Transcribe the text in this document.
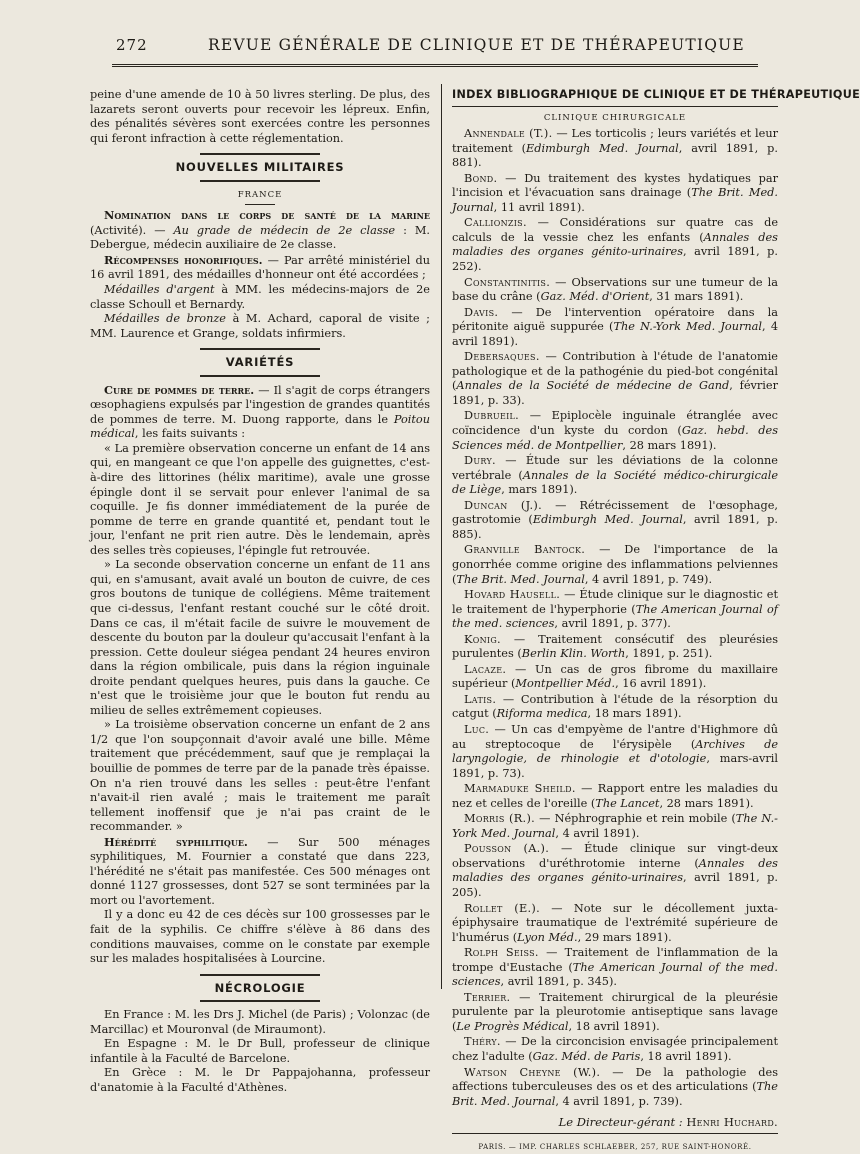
272	REVUE GÉNÉRALE DE CLINIQUE ET DE THÉRAPEUTIQUE

peine d'une amende de 10 à 50 livres sterling. De plus, des lazarets seront ouverts pour recevoir les lépreux. Enfin, des pénalités sévères sont exercées contre les personnes qui feront infraction à cette réglementation.

NOUVELLES MILITAIRES
FRANCE

Nomination dans le corps de santé de la marine (Activité). — Au grade de médecin de 2e classe : M. Debergue, médecin auxiliaire de 2e classe.

Récompenses honorifiques. — Par arrêté ministériel du 16 avril 1891, des médailles d'honneur ont été accordées ;

Médailles d'argent à MM. les médecins-majors de 2e classe Schoull et Bernardy.

Médailles de bronze à M. Achard, caporal de visite ; MM. Laurence et Grange, soldats infirmiers.

VARIÉTÉS

Cure de pommes de terre. — Il s'agit de corps étrangers œsophagiens expulsés par l'ingestion de grandes quantités de pommes de terre. M. Duong rapporte, dans le Poitou médical, les faits suivants :

« La première observation concerne un enfant de 14 ans qui, en mangeant ce que l'on appelle des guignettes, c'est-à-dire des littorines (hélix maritime), avale une grosse épingle dont il se servait pour enlever l'animal de sa coquille. Je fis donner immédiatement de la purée de pomme de terre en grande quantité et, pendant tout le jour, l'enfant ne prit rien autre. Dès le lendemain, après des selles très copieuses, l'épingle fut retrouvée.

» La seconde observation concerne un enfant de 11 ans qui, en s'amusant, avait avalé un bouton de cuivre, de ces gros boutons de tunique de collégiens. Même traitement que ci-dessus, l'enfant restant couché sur le côté droit. Dans ce cas, il m'était facile de suivre le mouvement de descente du bouton par la douleur qu'accusait l'enfant à la pression. Cette douleur siégea pendant 24 heures environ dans la région ombilicale, puis dans la région inguinale droite pendant quelques heures, puis dans la gauche. Ce n'est que le troisième jour que le bouton fut rendu au milieu de selles extrêmement copieuses.

» La troisième observation concerne un enfant de 2 ans 1/2 que l'on soupçonnait d'avoir avalé une bille. Même traitement que précédemment, sauf que je remplaçai la bouillie de pommes de terre par de la panade très épaisse. On n'a rien trouvé dans les selles : peut-être l'enfant n'avait-il rien avalé ; mais le traitement me paraît tellement inoffensif que je n'ai pas craint de le recommander. »

Hérédité syphilitique. — Sur 500 ménages syphilitiques, M. Fournier a constaté que dans 223, l'hérédité ne s'était pas manifestée. Ces 500 ménages ont donné 1127 grossesses, dont 527 se sont terminées par la mort ou l'avortement.

Il y a donc eu 42 de ces décès sur 100 grossesses par le fait de la syphilis. Ce chiffre s'élève à 86 dans des conditions mauvaises, comme on le constate par exemple sur les malades hospitalisées à Lourcine.

NÉCROLOGIE

En France : M. les Drs J. Michel (de Paris) ; Volonzac (de Marcillac) et Mouronval (de Miraumont).

En Espagne : M. le Dr Bull, professeur de clinique infantile à la Faculté de Barcelone.

En Grèce : M. le Dr Pappajohanna, professeur d'anatomie à la Faculté d'Athènes.

INDEX BIBLIOGRAPHIQUE DE CLINIQUE ET DE THÉRAPEUTIQUE
CLINIQUE CHIRURGICALE

Annendale (T.). — Les torticolis ; leurs variétés et leur traitement (Edimburgh Med. Journal, avril 1891, p. 881).

Bond. — Du traitement des kystes hydatiques par l'incision et l'évacuation sans drainage (The Brit. Med. Journal, 11 avril 1891).

Callionzis. — Considérations sur quatre cas de calculs de la vessie chez les enfants (Annales des maladies des organes génito-urinaires, avril 1891, p. 252).

Constantinitis. — Observations sur une tumeur de la base du crâne (Gaz. Méd. d'Orient, 31 mars 1891).

Davis. — De l'intervention opératoire dans la péritonite aiguë suppurée (The N.-York Med. Journal, 4 avril 1891).

Debersaques. — Contribution à l'étude de l'anatomie pathologique et de la pathogénie du pied-bot congénital (Annales de la Société de médecine de Gand, février 1891, p. 33).

Dubrueil. — Epiplocèle inguinale étranglée avec coïncidence d'un kyste du cordon (Gaz. hebd. des Sciences méd. de Montpellier, 28 mars 1891).

Dury. — Étude sur les déviations de la colonne vertébrale (Annales de la Société médico-chirurgicale de Liège, mars 1891).

Duncan (J.). — Rétrécissement de l'œsophage, gastrotomie (Edimburgh Med. Journal, avril 1891, p. 885).

Granville Bantock. — De l'importance de la gonorrhée comme origine des inflammations pelviennes (The Brit. Med. Journal, 4 avril 1891, p. 749).

Hovard Hausell. — Étude clinique sur le diagnostic et le traitement de l'hyperphorie (The American Journal of the med. sciences, avril 1891, p. 377).

Konig. — Traitement consécutif des pleurésies purulentes (Berlin Klin. Worth, 1891, p. 251).

Lacaze. — Un cas de gros fibrome du maxillaire supérieur (Montpellier Méd., 16 avril 1891).

Latis. — Contribution à l'étude de la résorption du catgut (Riforma medica, 18 mars 1891).

Luc. — Un cas d'empyème de l'antre d'Highmore dû au streptocoque de l'érysipèle (Archives de laryngologie, de rhinologie et d'otologie, mars-avril 1891, p. 73).

Marmaduke Sheild. — Rapport entre les maladies du nez et celles de l'oreille (The Lancet, 28 mars 1891).

Morris (R.). — Néphrographie et rein mobile (The N.-York Med. Journal, 4 avril 1891).

Pousson (A.). — Étude clinique sur vingt-deux observations d'uréthrotomie interne (Annales des maladies des organes génito-urinaires, avril 1891, p. 205).

Rollet (E.). — Note sur le décollement juxta-épiphysaire traumatique de l'extrémité supérieure de l'humérus (Lyon Méd., 29 mars 1891).

Rolph Seiss. — Traitement de l'inflammation de la trompe d'Eustache (The American Journal of the med. sciences, avril 1891, p. 345).

Terrier. — Traitement chirurgical de la pleurésie purulente par la pleurotomie antiseptique sans lavage (Le Progrès Médical, 18 avril 1891).

Théry. — De la circoncision envisagée principalement chez l'adulte (Gaz. Méd. de Paris, 18 avril 1891).

Watson Cheyne (W.). — De la pathologie des affections tuberculeuses des os et des articulations (The Brit. Med. Journal, 4 avril 1891, p. 739).

Le Directeur-gérant : Henri Huchard.
PARIS. — IMP. CHARLES SCHLAEBER, 257, RUE SAINT-HONORÉ.
